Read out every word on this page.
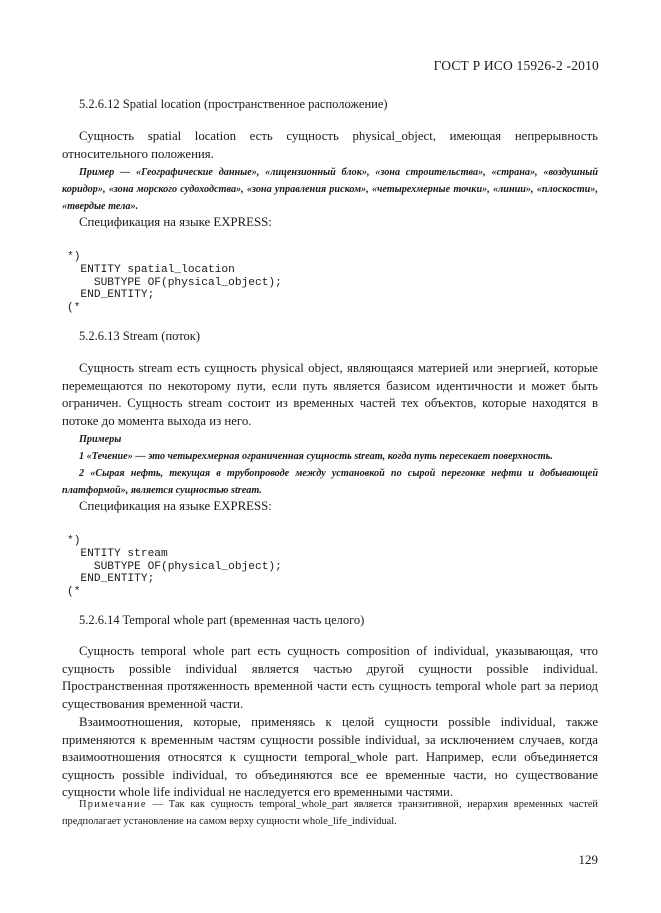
ГОСТ Р ИСО 15926-2 -2010
5.2.6.12 Spatial location (пространственное расположение)
Сущность spatial location есть сущность physical_object, имеющая непрерывность относительного положения.
Пример — «Географические данные», «лицензионный блок», «зона строительства», «страна», «воздушный коридор», «зона морского судоходства», «зона управления риском», «четырехмерные точки», «линии», «плоскости», «твердые тела».
Спецификация на языке EXPRESS:
*)
ENTITY spatial_location
SUBTYPE OF(physical_object);
END_ENTITY;
(*
5.2.6.13 Stream (поток)
Сущность stream есть сущность physical object, являющаяся материей или энергией, которые перемещаются по некоторому пути, если путь является базисом идентичности и может быть ограничен. Сущность stream состоит из временных частей тех объектов, которые находятся в потоке до момента выхода из него.
Примеры
1 «Течение» — это четырехмерная ограниченная сущность stream, когда путь пересекает поверхность.
2 «Сырая нефть, текущая в трубопроводе между установкой по сырой перегонке нефти и добывающей платформой», является сущностью stream.
Спецификация на языке EXPRESS:
*)
ENTITY stream
SUBTYPE OF(physical_object);
END_ENTITY;
(*
5.2.6.14 Temporal whole part (временная часть целого)
Сущность temporal whole part есть сущность composition of individual, указывающая, что сущность possible individual является частью другой сущности possible individual. Пространственная протяженность временной части есть сущность temporal whole part за период существования временной части.
Взаимоотношения, которые, применяясь к целой сущности possible individual, также применяются к временным частям сущности possible individual, за исключением случаев, когда взаимоотношения относятся к сущности temporal_whole part. Например, если объединяется сущность possible individual, то объединяются все ее временные части, но существование сущности whole life individual не наследуется его временными частями.
Примечание — Так как сущность temporal_whole_part является транзитивной, иерархия временных частей предполагает установление на самом верху сущности whole_life_individual.
129
